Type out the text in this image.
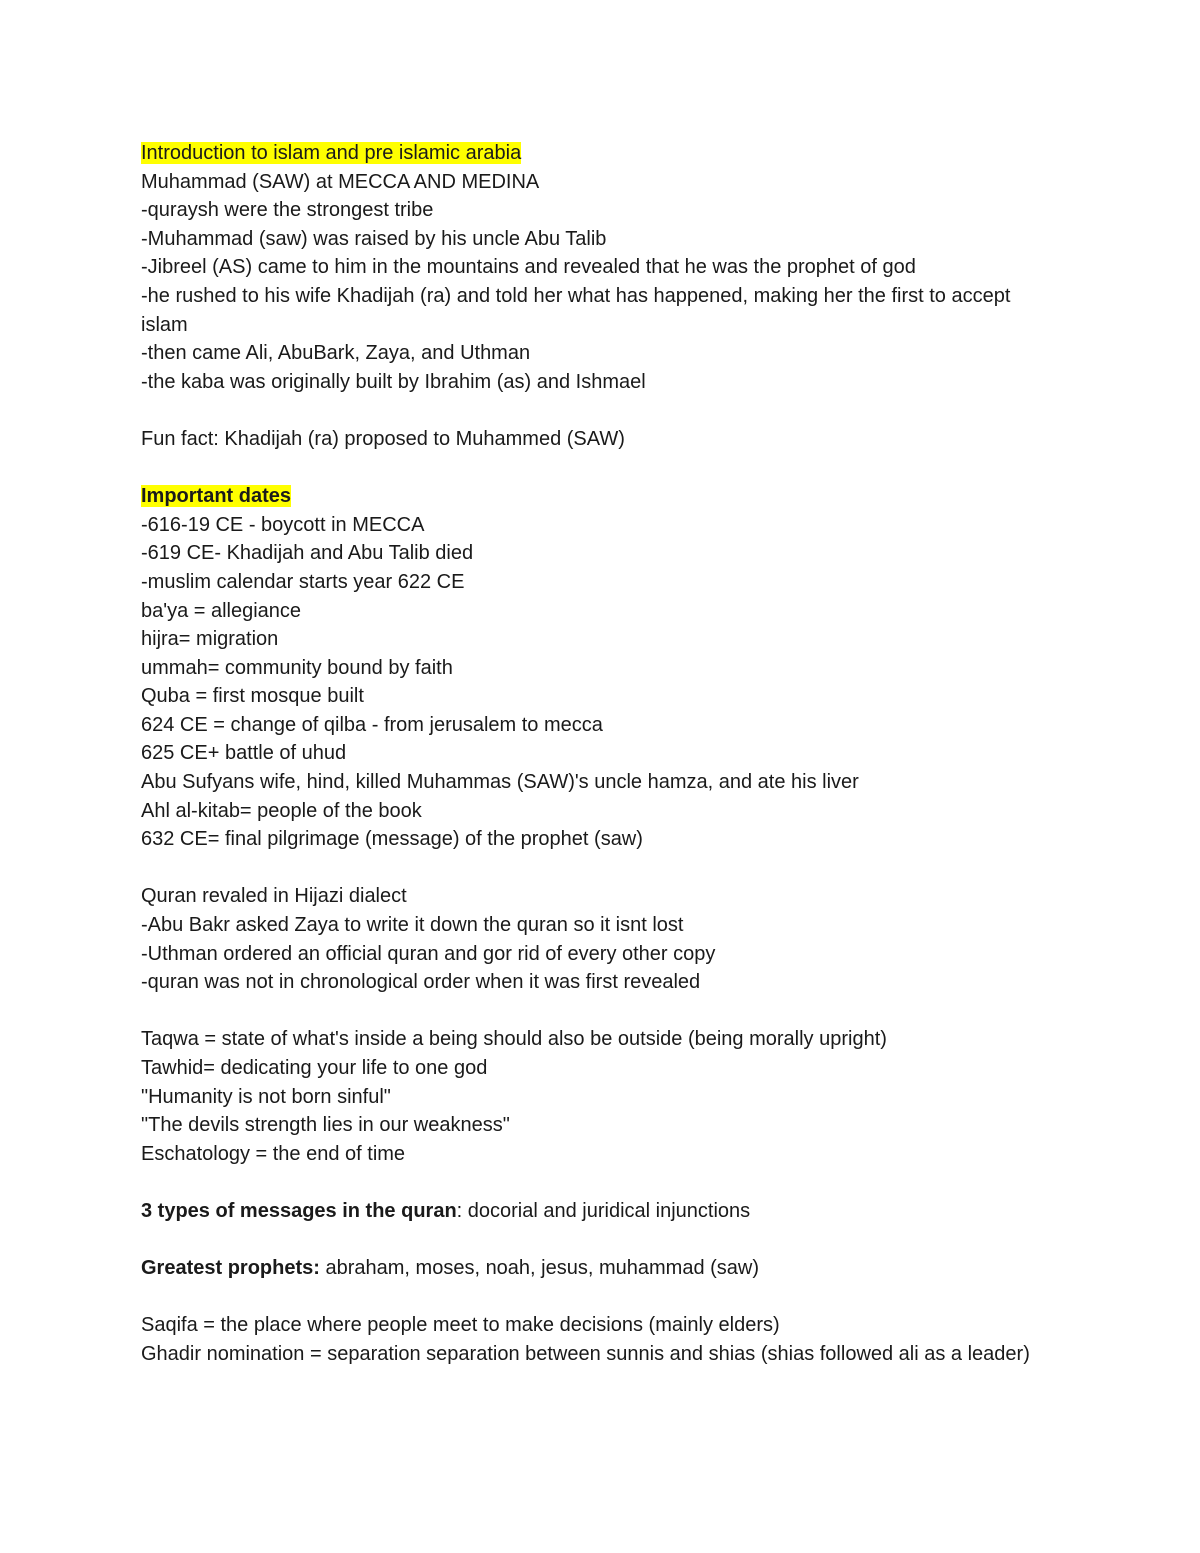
Introduction to islam and pre islamic arabia
Muhammad (SAW) at MECCA AND MEDINA
-quraysh were the strongest tribe
-Muhammad (saw) was raised by his uncle Abu Talib
-Jibreel (AS) came to him in the mountains and revealed that he was the prophet of god
-he rushed to his wife Khadijah (ra) and told her what has happened, making her the first to accept islam
-then came Ali, AbuBark, Zaya, and Uthman
-the kaba was originally built by Ibrahim (as) and Ishmael
Fun fact: Khadijah (ra) proposed to Muhammed (SAW)
Important dates
-616-19 CE - boycott in MECCA
-619 CE- Khadijah and Abu Talib died
-muslim calendar starts year 622 CE
ba'ya = allegiance
hijra= migration
ummah= community bound by faith
Quba = first mosque built
624 CE = change of qilba - from jerusalem to mecca
625 CE+ battle of uhud
Abu Sufyans wife, hind, killed Muhammas (SAW)'s uncle hamza, and ate his liver
Ahl al-kitab= people of the book
632 CE= final pilgrimage (message) of the prophet (saw)
Quran revaled in Hijazi dialect
-Abu Bakr asked Zaya to write it down the quran so it isnt lost
-Uthman ordered an official quran and gor rid of every other copy
-quran was not in chronological order when it was first revealed
Taqwa = state of what's inside a being should also be outside (being morally upright)
Tawhid= dedicating your life to one god
"Humanity is not born sinful"
"The devils strength lies in our weakness"
Eschatology = the end of time
3 types of messages in the quran: docorial and juridical injunctions
Greatest prophets: abraham, moses, noah, jesus, muhammad (saw)
Saqifa = the place where people meet to make decisions (mainly elders)
Ghadir nomination = separation separation between sunnis and shias (shias followed ali as a leader)
